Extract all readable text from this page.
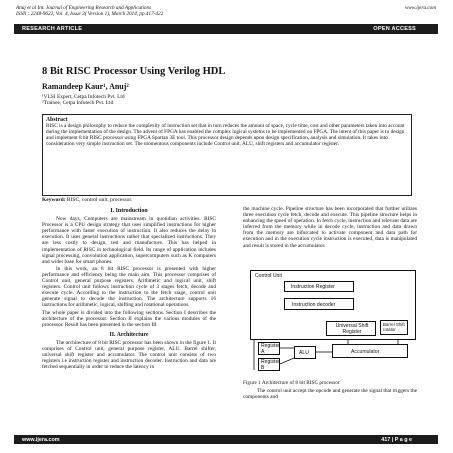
Anuj et al Int. Journal of Engineering Research and Applications
ISSN : 2248-9622, Vol. 4, Issue 3( Version 1), March 2014, pp.417-422
www.ijera.com
RESEARCH ARTICLE	OPEN ACCESS
8 Bit RISC Processor Using Verilog HDL
Ramandeep Kaur¹, Anuj²
¹VLSI Expert, Cetpa Infotech Pvt. Ltd
²Trainee, Cetpa Infotech Pvt. Ltd
Abstract
RISC is a design philosophy to reduce the complexity of instruction set that in turn reduces the amount of space, cycle time, cost and other parameters taken into account during the implementation of the design. The advent of FPGA has enabled the complex logical systems to be implemented on FPGA. The intent of this paper is to design and implement 8 bit RISC processor using FPGA Spartan 3E tool. This processor design depends upon design specification, analysis and simulation. It takes into consideration very simple instruction set. The momentous components include Control unit, ALU, shift registers and accumulator register.
Keyword: RISC, control unit, processor.
I. Introduction
Now days, Computers are mainstream in quotidian activities. RISC Processor is a CPU design strategy that uses simplified instructions for higher performance with faster execution of instruction. It also reduces the delay in execution. It uses general instructions rather that specialized instructions. They are less costly to design, test and manufacture. This has helped in implementation of RISC in technological field. Its range of application includes signal processing, convolution application, supercomputers such as K computers and wider base for smart phones.
In this work, an 8 bit RISC processor is presented with higher performance and efficiency being the main aim. This processor comprises of Control unit, general purpose registers, Arithmetic and logical unit, shift registers. Control unit follows instruction cycle of 3 stages fetch, decode and execute cycle. According to the instruction to the fetch stage, control unit generate signal to decode the instruction. The architecture supports 16 instructions for arithmetic, logical, shifting and rotational operations.
The whole paper is divided into the following sections. Section I describes the architecture of the processor. Section II explains the various modules of the processor. Result has been presented in the section III
II. Architecture
The architecture of 8 bit RISC processor has been shown in the figure 1. It comprises of Control unit, general purpose register, ALU, Barrel shifter, universal shift register and accumulator. The control unit consists of two registers i.e instruction register and instruction decoder. Instruction and data are fetched sequentially in order to reduce the latency in
the machine cycle. Pipeline structure has been incorporated that further utilizes three execution cycle fetch, decode and execute. This pipeline structure helps in enhancing the speed of operation. In fetch cycle, instruction and relevant data are inferred from the memory while in decode cycle, instruction and data drawn from the memory are bifurcated to activate component and data path for execution and in the execution cycle instruction is executed, data is manipulated and result is stored in the accumulator.
Control Unit
Instruction Register
Instruction decoder
Universal Shift Register
Barrel Shift rotator
Register A
Register B
ALU	Accumulator
Figure 1 Architecture of 8 bit RISC processor
The control unit accept the opcode and generate the signal that triggers the components and
www.ijera.com	417 | P a g e
